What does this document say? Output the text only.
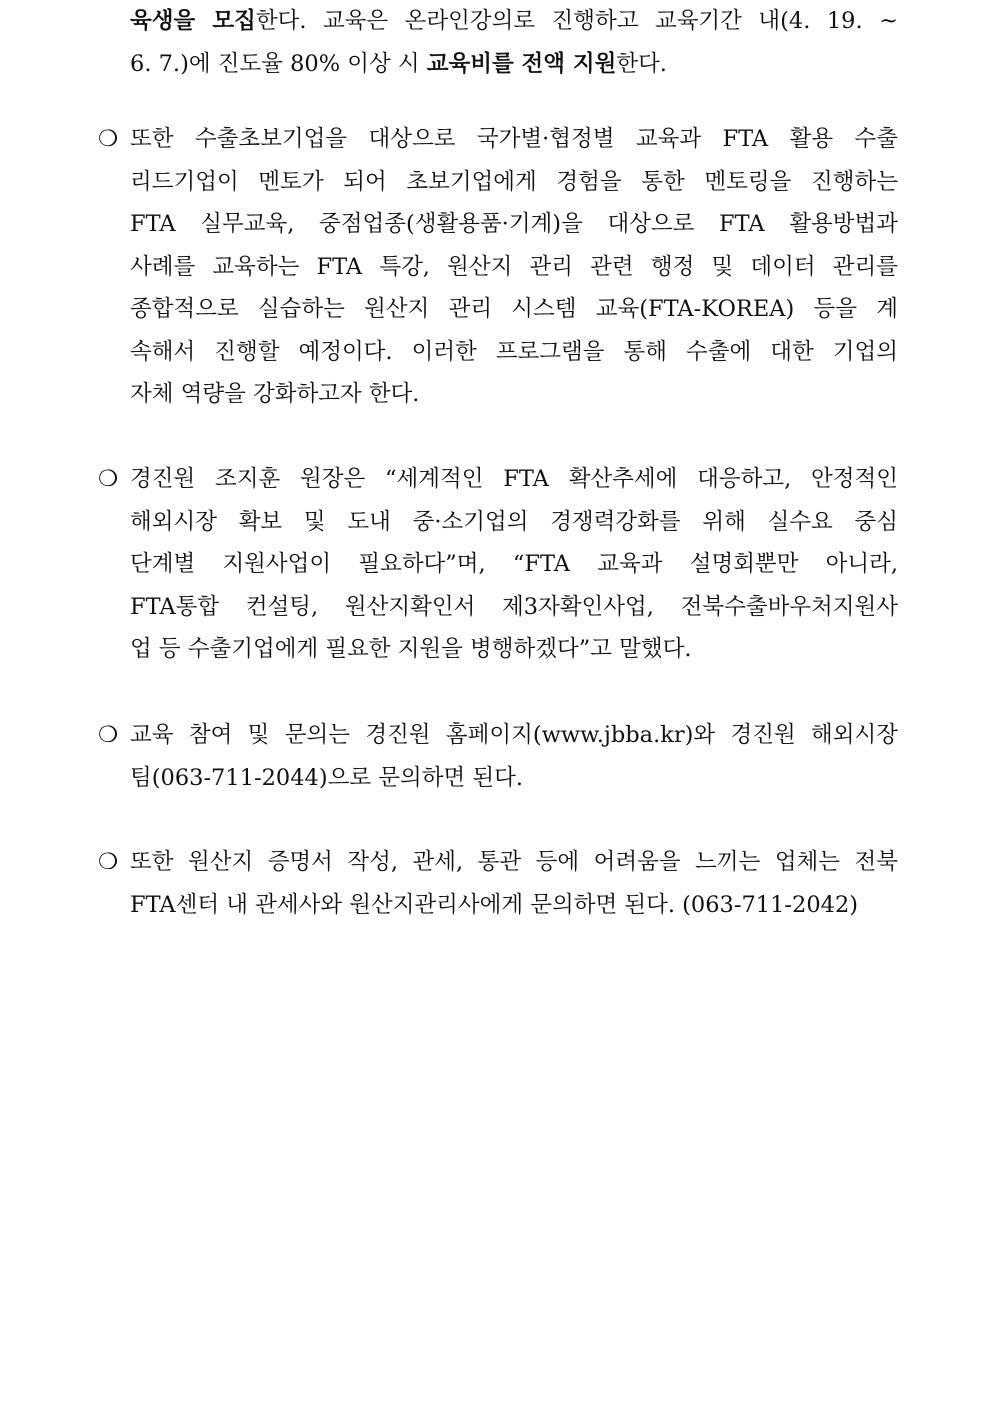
육생을 모집한다. 교육은 온라인강의로 진행하고 교육기간 내(4. 19. ~
6. 7.)에 진도율 80% 이상 시 교육비를 전액 지원한다.
❍ 또한 수출초보기업을 대상으로 국가별·협정별 교육과 FTA 활용 수출
리드기업이 멘토가 되어 초보기업에게 경험을 통한 멘토링을 진행하는
FTA 실무교육, 중점업종(생활용품·기계)을 대상으로 FTA 활용방법과
사례를 교육하는 FTA 특강, 원산지 관리 관련 행정 및 데이터 관리를
종합적으로 실습하는 원산지 관리 시스템 교육(FTA-KOREA) 등을 계
속해서 진행할 예정이다. 이러한 프로그램을 통해 수출에 대한 기업의
자체 역량을 강화하고자 한다.
❍ 경진원 조지훈 원장은 “세계적인 FTA 확산추세에 대응하고, 안정적인
해외시장 확보 및 도내 중·소기업의 경쟁력강화를 위해 실수요 중심
단계별 지원사업이 필요하다”며, “FTA 교육과 설명회뿐만 아니라,
FTA통합 컨설팅, 원산지확인서 제3자확인사업, 전북수출바우처지원사
업 등 수출기업에게 필요한 지원을 병행하겠다”고 말했다.
❍ 교육 참여 및 문의는 경진원 홈페이지(www.jbba.kr)와 경진원 해외시장
팀(063-711-2044)으로 문의하면 된다.
❍ 또한 원산지 증명서 작성, 관세, 통관 등에 어려움을 느끼는 업체는 전북
FTA센터 내 관세사와 원산지관리사에게 문의하면 된다. (063-711-2042)
